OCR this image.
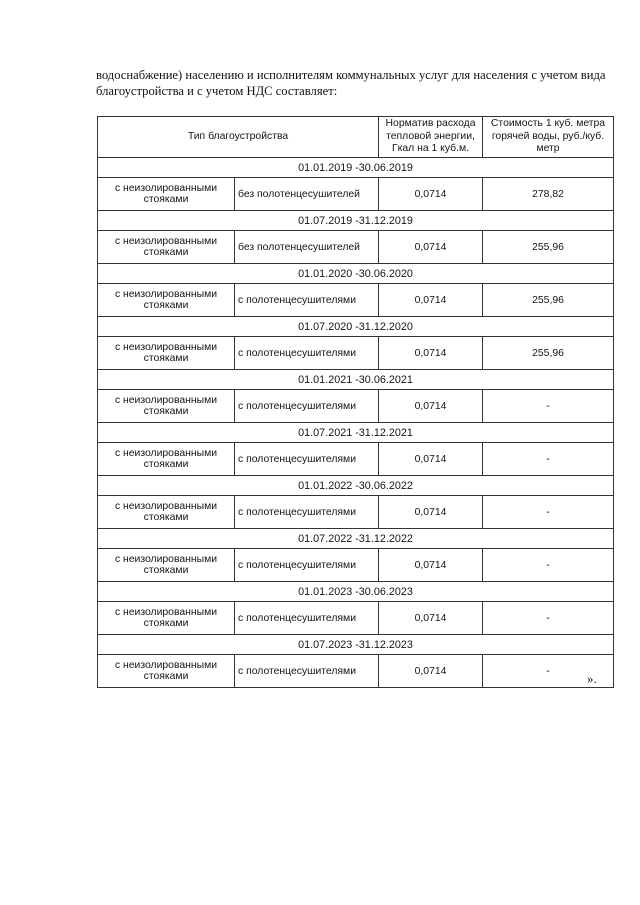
водоснабжение) населению и исполнителям коммунальных услуг для населения с учетом вида благоустройства и с учетом НДС составляет:
Тип благоустройства		Норматив расхода тепловой энергии, Гкал на 1 куб.м.	Стоимость 1 куб. метра горячей воды, руб./куб. метр
01.01.2019 -30.06.2019			
с неизолированными стояками	без полотенцесушителей	0,0714	278,82
01.07.2019 -31.12.2019			
с неизолированными стояками	без полотенцесушителей	0,0714	255,96
01.01.2020 -30.06.2020			
с неизолированными стояками	с полотенцесушителями	0,0714	255,96
01.07.2020 -31.12.2020			
с неизолированными стояками	с полотенцесушителями	0,0714	255,96
01.01.2021 -30.06.2021			
с неизолированными стояками	с полотенцесушителями	0,0714	-
01.07.2021 -31.12.2021			
с неизолированными стояками	с полотенцесушителями	0,0714	-
01.01.2022 -30.06.2022			
с неизолированными стояками	с полотенцесушителями	0,0714	-
01.07.2022 -31.12.2022			
с неизолированными стояками	с полотенцесушителями	0,0714	-
01.01.2023 -30.06.2023			
с неизолированными стояками	с полотенцесушителями	0,0714	-
01.07.2023 -31.12.2023			
с неизолированными стояками	с полотенцесушителями	0,0714	-	».
